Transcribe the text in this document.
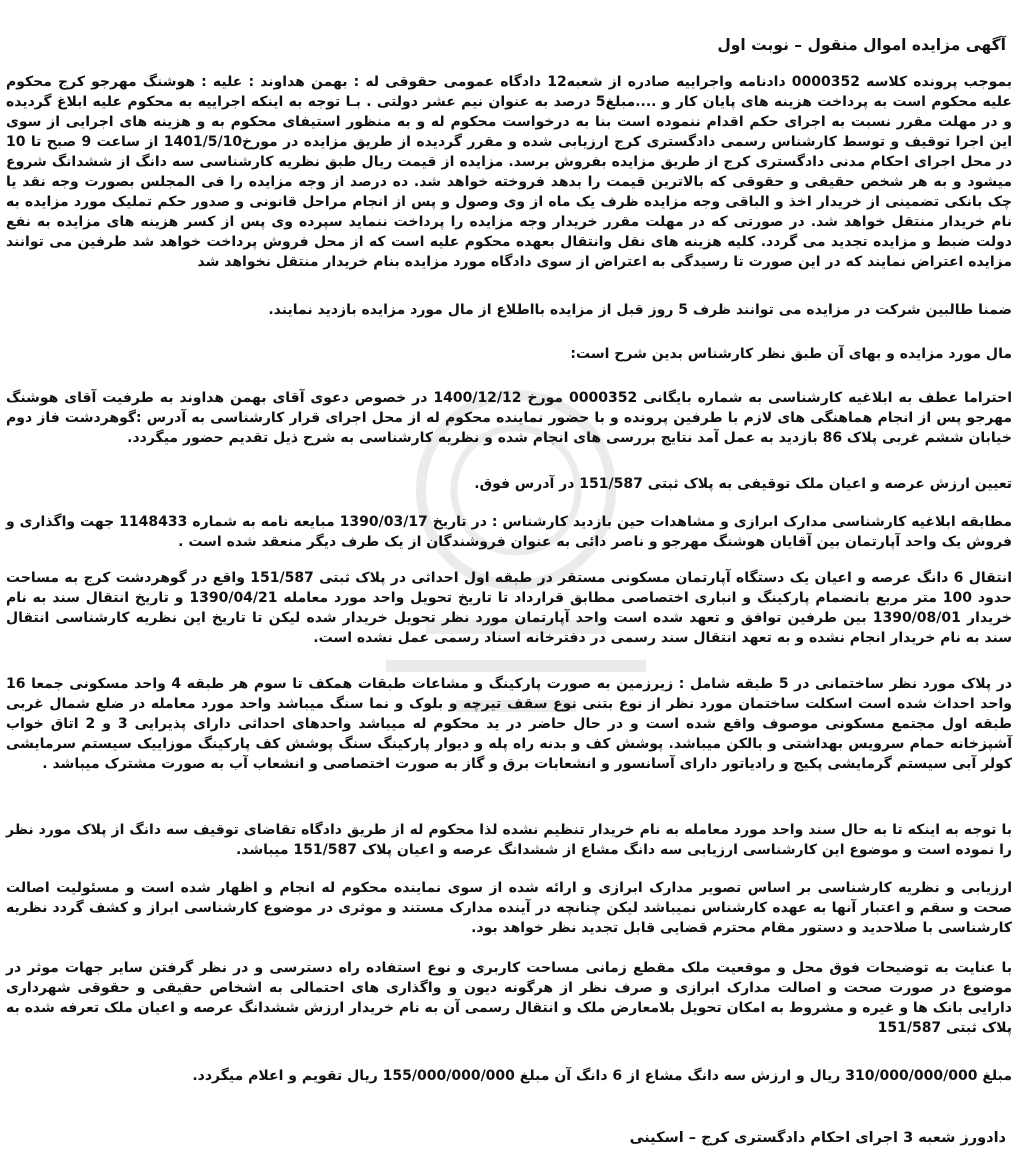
آگهی مزایده اموال منقول – نوبت اول

بموجب پرونده کلاسه 0000352 دادنامه واجراییه صادره از شعبه12 دادگاه عمومی حقوقی له : بهمن هداوند : علیه : هوشنگ مهرجو کرج محکوم علیه محکوم است به پرداخت هزینه های پایان کار و ....مبلغ5 درصد به عنوان نیم عشر دولتی . بـا توجه به اینکه اجراییه به محکوم علیه ابلاغ گردیده و در مهلت مقرر نسبت به اجرای حکم اقدام ننموده است بنا به درخواست محکوم له و به منظور استیفای محکوم به و هزینه های اجرایی از سوی این اجرا توقیف و توسط کارشناس رسمی دادگستری کرج ارزیابی شده و مقرر گردیده از طریق مزایده در مورخ1401/5/10 از ساعت 9 صبح تا 10 در محل اجرای احکام مدنی دادگستری کرج از طریق مزایده بفروش برسد. مزایده از قیمت ریال طبق نظریه کارشناسی سه دانگ از ششدانگ شروع میشود و به هر شخص حقیقی و حقوقی که بالاترین قیمت را بدهد فروخته خواهد شد. ده درصد از وجه مزایده را فی المجلس بصورت وجه نقد یا چک بانکی تضمینی از خریدار اخذ و الباقی وجه مزایده ظرف یک ماه از وی وصول و پس از انجام مراحل قانونی و صدور حکم تملیک مورد مزایده به نام خریدار منتقل خواهد شد. در صورتی که در مهلت مقرر خریدار وجه مزایده را پرداخت ننماید سپرده وی پس از کسر هزینه های مزایده به نفع دولت ضبط و مزایده تجدید می گردد. کلیه هزینه های نقل وانتقال بعهده محکوم علیه است که از محل فروش پرداخت خواهد شد طرفین می توانند مزایده اعتراض نمایند که در این صورت تا رسیدگی به اعتراض از سوی دادگاه مورد مزایده بنام خریدار منتقل نخواهد شد

ضمنا طالبین شرکت در مزایده می توانند ظرف 5 روز قبل از مزایده بااطلاع از مال مورد مزایده بازدید نمایند.

مال مورد مزایده و بهای آن طبق نظر کارشناس بدین شرح است:

احتراما عطف به ابلاغیه کارشناسی به شماره بایگانی 0000352 مورخ 1400/12/12 در خصوص دعوی آقای بهمن هداوند به طرفیت آقای هوشنگ مهرجو پس از انجام هماهنگی های لازم با طرفین پرونده و با حضور نماینده محکوم له از محل اجرای قرار کارشناسی به آدرس :گوهردشت فاز دوم خیابان ششم غربی پلاک 86 بازدید به عمل آمد نتایج بررسی های انجام شده و نظریه کارشناسی به شرح ذیل تقدیم حضور میگردد.

تعیین ارزش عرصه و اعیان ملک توقیفی به پلاک ثبتی 151/587 در آدرس فوق.

مطابقه ابلاغیه کارشناسی مدارک ابرازی و مشاهدات حین بازدید کارشناس : در تاریخ 1390/03/17 مبایعه نامه به شماره 1148433 جهت واگذاری و فروش یک واحد آپارتمان بین آقایان هوشنگ مهرجو و ناصر دائی به عنوان فروشندگان از یک طرف دیگر منعقد شده است .

انتقال 6 دانگ عرصه و اعیان یک دستگاه آپارتمان مسکونی مستقر در طبقه اول احداثی در پلاک ثبتی 151/587 واقع در گوهردشت کرج به مساحت حدود 100 متر مربع بانضمام پارکینگ و انباری اختصاصی مطابق قرارداد تا تاریخ تحویل واحد مورد معامله 1390/04/21 و تاریخ انتقال سند به نام خریدار 1390/08/01 بین طرفین توافق و تعهد شده است واحد آپارتمان مورد نظر تحویل خریدار شده لیکن تا تاریخ این نظریه کارشناسی انتقال سند به نام خریدار انجام نشده و به تعهد انتقال سند رسمی در دفترخانه اسناد رسمی عمل نشده است.

در پلاک مورد نظر ساختمانی در 5 طبقه شامل : زیرزمین به صورت پارکینگ و مشاعات طبقات همکف تا سوم هر طبقه 4 واحد مسکونی جمعا 16 واحد احداث شده است اسکلت ساختمان مورد نظر از نوع بتنی نوع سقف تیرچه و بلوک و نما سنگ میباشد واحد مورد معامله در ضلع شمال غربی طبقه اول مجتمع مسکونی موصوف واقع شده است و در حال حاضر در ید محکوم له میباشد واحدهای احداثی دارای پذیرایی 3 و 2 اتاق خواب آشپزخانه حمام سرویس بهداشتی و بالکن میباشد. پوشش کف و بدنه راه پله و دیوار پارکینگ سنگ پوشش کف پارکینگ موزاییک سیستم سرمایشی کولر آبی سیستم گرمایشی پکیج و رادیاتور دارای آسانسور و انشعابات برق و گاز به صورت اختصاصی و انشعاب آب به صورت مشترک میباشد .

با توجه به اینکه تا به حال سند واحد مورد معامله به نام خریدار تنظیم نشده لذا محکوم له از طریق دادگاه تقاضای توقیف سه دانگ از پلاک مورد نظر را نموده است و موضوع این کارشناسی ارزیابی سه دانگ مشاع از ششدانگ عرصه و اعیان پلاک 151/587 میباشد.

ارزیابی و نظریه کارشناسی بر اساس تصویر مدارک ابرازی و ارائه شده از سوی نماینده محکوم له انجام و اظهار شده است و مسئولیت اصالت صحت و سقم و اعتبار آنها به عهده کارشناس نمیباشد لیکن چنانچه در آینده مدارک مستند و موثری در موضوع کارشناسی ابراز و کشف گردد نظریه کارشناسی با صلاحدید و دستور مقام محترم قضایی قابل تجدید نظر خواهد بود.

با عنایت به توضیحات فوق محل و موقعیت ملک مقطع زمانی مساحت کاربری و نوع استفاده راه دسترسی و در نظر گرفتن سایر جهات موثر در موضوع در صورت صحت و اصالت مدارک ابرازی و صرف نظر از هرگونه دیون و واگذاری های احتمالی به اشخاص حقیقی و حقوقی شهرداری دارایی بانک ها و غیره و مشروط به امکان تحویل بلامعارض ملک و انتقال رسمی آن به نام خریدار ارزش ششدانگ عرصه و اعیان ملک تعرفه شده به پلاک ثبتی 151/587

مبلغ 310/000/000/000 ریال و ارزش سه دانگ مشاع از 6 دانگ آن مبلغ 155/000/000/000 ریال تقویم و اعلام میگردد.

دادورز شعبه 3 اجرای احکام دادگستری کرج – اسکینی
